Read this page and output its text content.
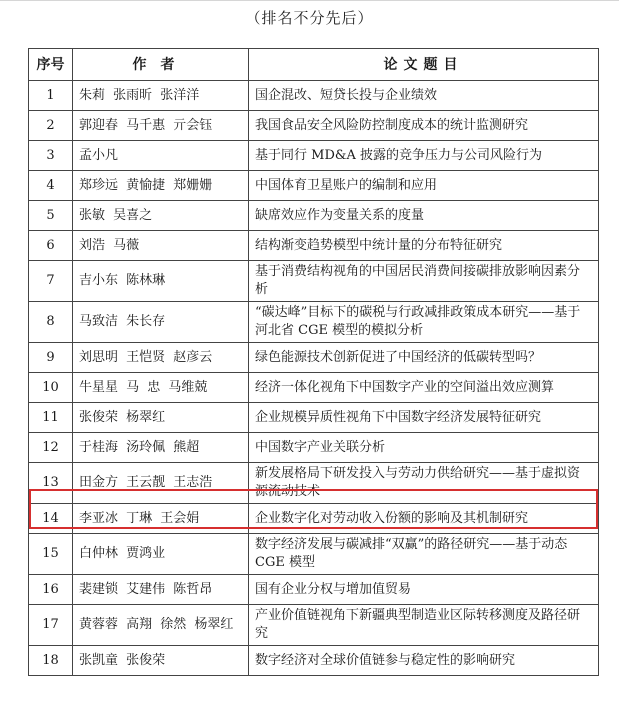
（排名不分先后）
序号	作者	论文题目
1	朱莉 张雨昕 张洋洋	国企混改、短贷长投与企业绩效
2	郭迎春 马千惠 亓会钰	我国食品安全风险防控制度成本的统计监测研究
3	孟小凡	基于同行 MD&A 披露的竞争压力与公司风险行为
4	郑珍远 黄愉捷 郑姗姗	中国体育卫星账户的编制和应用
5	张敏 吴喜之	缺席效应作为变量关系的度量
6	刘浩 马薇	结构渐变趋势模型中统计量的分布特征研究
7	吉小东 陈林琳	基于消费结构视角的中国居民消费间接碳排放影响因素分析
8	马致洁 朱长存	“碳达峰”目标下的碳税与行政减排政策成本研究——基于河北省 CGE 模型的模拟分析
9	刘思明 王恺贤 赵彦云	绿色能源技术创新促进了中国经济的低碳转型吗？
10	牛星星 马 忠 马维兢	经济一体化视角下中国数字产业的空间溢出效应测算
11	张俊荣 杨翠红	企业规模异质性视角下中国数字经济发展特征研究
12	于桂海 汤玲佩 熊超	中国数字产业关联分析
13	田金方 王云靓 王志浩	新发展格局下研发投入与劳动力供给研究——基于虚拟资源流动技术
14	李亚冰 丁琳 王会娟	企业数字化对劳动收入份额的影响及其机制研究
15	白仲林 贾鸿业	数字经济发展与碳减排“双赢”的路径研究——基于动态 CGE 模型
16	裴建锁 艾建伟 陈哲昂	国有企业分权与增加值贸易
17	黄蓉蓉 高翔 徐然 杨翠红	产业价值链视角下新疆典型制造业区际转移测度及路径研究
18	张凯童 张俊荣	数字经济对全球价值链参与稳定性的影响研究
